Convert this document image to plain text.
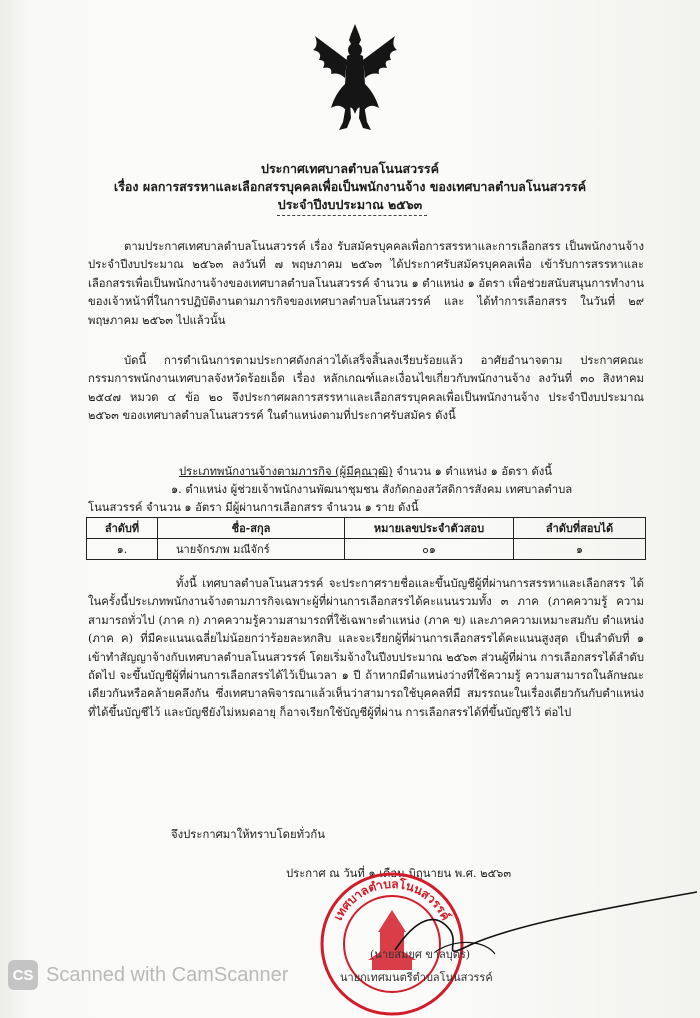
ประกาศเทศบาลตำบลโนนสวรรค์
เรื่อง ผลการสรรหาและเลือกสรรบุคคลเพื่อเป็นพนักงานจ้าง ของเทศบาลตำบลโนนสวรรค์
ประจำปีงบประมาณ ๒๕๖๓
ตามประกาศเทศบาลตำบลโนนสวรรค์ เรื่อง รับสมัครบุคคลเพื่อการสรรหาและการเลือกสรร เป็นพนักงานจ้าง ประจำปีงบประมาณ ๒๕๖๓ ลงวันที่ ๗ พฤษภาคม ๒๕๖๓ ได้ประกาศรับสมัครบุคคลเพื่อ เข้ารับการสรรหาและเลือกสรรเพื่อเป็นพนักงานจ้างของเทศบาลตำบลโนนสวรรค์ จำนวน ๑ ตำแหน่ง ๑ อัตรา เพื่อช่วยสนับสนุนการทำงานของเจ้าหน้าที่ในการปฏิบัติงานตามภารกิจของเทศบาลตำบลโนนสวรรค์ และ ได้ทำการเลือกสรร ในวันที่ ๒๙ พฤษภาคม ๒๕๖๓ ไปแล้วนั้น
บัดนี้ การดำเนินการตามประกาศดังกล่าวได้เสร็จสิ้นลงเรียบร้อยแล้ว อาศัยอำนาจตาม ประกาศคณะกรรมการพนักงานเทศบาลจังหวัดร้อยเอ็ด เรื่อง หลักเกณฑ์และเงื่อนไขเกี่ยวกับพนักงานจ้าง ลงวันที่ ๓๐ สิงหาคม ๒๕๔๗ หมวด ๔ ข้อ ๒๐ จึงประกาศผลการสรรหาและเลือกสรรบุคคลเพื่อเป็นพนักงานจ้าง ประจำปีงบประมาณ ๒๕๖๓ ของเทศบาลตำบลโนนสวรรค์ ในตำแหน่งตามที่ประกาศรับสมัคร ดังนี้
ประเภทพนักงานจ้างตามภารกิจ (ผู้มีคุณวุฒิ) จำนวน ๑ ตำแหน่ง ๑ อัตรา ดังนี้
๑. ตำแหน่ง ผู้ช่วยเจ้าพนักงานพัฒนาชุมชน สังกัดกองสวัสดิการสังคม เทศบาลตำบล
โนนสวรรค์ จำนวน ๑ อัตรา มีผู้ผ่านการเลือกสรร จำนวน ๑ ราย ดังนี้
ลำดับที่	ชื่อ-สกุล	หมายเลขประจำตัวสอบ	ลำดับที่สอบได้
๑.	นายจักรภพ มณีจักร์	๐๑	๑
ทั้งนี้ เทศบาลตำบลโนนสวรรค์ จะประกาศรายชื่อและขึ้นบัญชีผู้ที่ผ่านการสรรหาและเลือกสรร ได้ในครั้งนี้ประเภทพนักงานจ้างตามภารกิจเฉพาะผู้ที่ผ่านการเลือกสรรได้คะแนนรวมทั้ง ๓ ภาค (ภาคความรู้ ความสามารถทั่วไป (ภาค ก) ภาคความรู้ความสามารถที่ใช้เฉพาะตำแหน่ง (ภาค ข) และภาคความเหมาะสมกับ ตำแหน่ง (ภาค ค) ที่มีคะแนนเฉลี่ยไม่น้อยกว่าร้อยละหกสิบ และจะเรียกผู้ที่ผ่านการเลือกสรรได้คะแนนสูงสุด เป็นลำดับที่ ๑ เข้าทำสัญญาจ้างกับเทศบาลตำบลโนนสวรรค์ โดยเริ่มจ้างในปีงบประมาณ ๒๕๖๓ ส่วนผู้ที่ผ่าน การเลือกสรรได้ลำดับถัดไป จะขึ้นบัญชีผู้ที่ผ่านการเลือกสรรได้ไว้เป็นเวลา ๑ ปี ถ้าหากมีตำแหน่งว่างที่ใช้ความรู้ ความสามารถในลักษณะเดียวกันหรือคล้ายคลึงกัน ซึ่งเทศบาลพิจารณาแล้วเห็นว่าสามารถใช้บุคคลที่มี สมรรถนะในเรื่องเดียวกันกับตำแหน่งที่ได้ขึ้นบัญชีไว้ และบัญชียังไม่หมดอายุ ก็อาจเรียกใช้บัญชีผู้ที่ผ่าน การเลือกสรรได้ที่ขึ้นบัญชีไว้ ต่อไป
จึงประกาศมาให้ทราบโดยทั่วกัน
ประกาศ ณ วันที่ ๑ เดือน มิถุนายน พ.ศ. ๒๕๖๓
เทศบาลตำบลโนนสวรรค์
(นายสมยศ ขาลบุตร)
นายกเทศมนตรีตำบลโนนสวรรค์
CS Scanned with CamScanner
